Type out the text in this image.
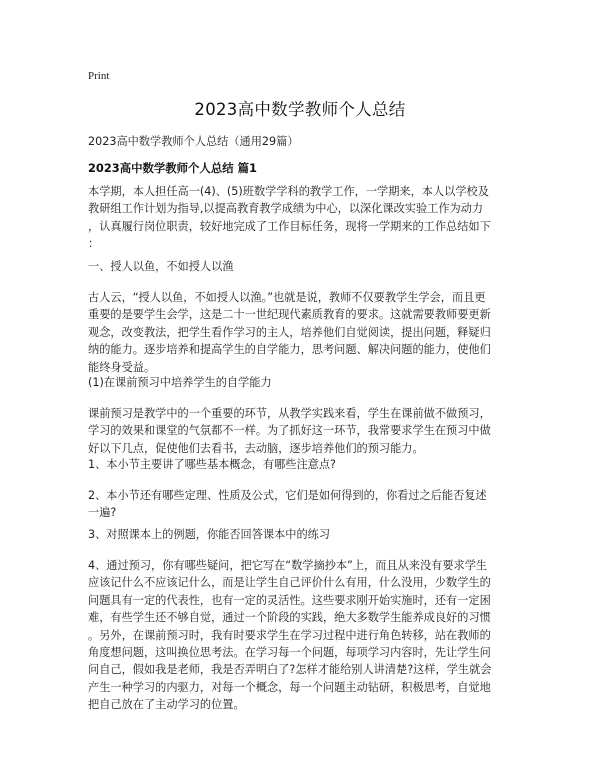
Print
2023高中数学教师个人总结
2023高中数学教师个人总结（通用29篇）
2023高中数学教师个人总结 篇1
本学期，本人担任高一(4)、(5)班数学学科的教学工作，一学期来，本人以学校及
教研组工作计划为指导,以提高教育教学成绩为中心，以深化课改实验工作为动力
，认真履行岗位职责，较好地完成了工作目标任务，现将一学期来的工作总结如下
：
一、授人以鱼，不如授人以渔
古人云，“授人以鱼，不如授人以渔。”也就是说，教师不仅要教学生学会，而且更
重要的是要学生会学，这是二十一世纪现代素质教育的要求。这就需要教师要更新
观念，改变教法，把学生看作学习的主人，培养他们自觉阅读，提出问题，释疑归
纳的能力。逐步培养和提高学生的自学能力，思考问题、解决问题的能力，使他们
能终身受益。
(1)在课前预习中培养学生的自学能力
课前预习是教学中的一个重要的环节，从教学实践来看，学生在课前做不做预习，
学习的效果和课堂的气氛都不一样。为了抓好这一环节，我常要求学生在预习中做
好以下几点，促使他们去看书，去动脑，逐步培养他们的预习能力。
1、本小节主要讲了哪些基本概念，有哪些注意点?
2、本小节还有哪些定理、性质及公式，它们是如何得到的，你看过之后能否复述
一遍?
3、对照课本上的例题，你能否回答课本中的练习
4、通过预习，你有哪些疑问，把它写在“数学摘抄本”上，而且从来没有要求学生
应该记什么不应该记什么，而是让学生自己评价什么有用，什么没用，少数学生的
问题具有一定的代表性，也有一定的灵活性。这些要求刚开始实施时，还有一定困
难，有些学生还不够自觉，通过一个阶段的实践，绝大多数学生能养成良好的习惯
。另外，在课前预习时，我有时要求学生在学习过程中进行角色转移，站在教师的
角度想问题，这叫换位思考法。在学习每一个问题，每项学习内容时，先让学生问
问自己，假如我是老师，我是否弄明白了?怎样才能给别人讲清楚?这样，学生就会
产生一种学习的内驱力，对每一个概念，每一个问题主动钻研，积极思考，自觉地
把自己放在了主动学习的位置。
